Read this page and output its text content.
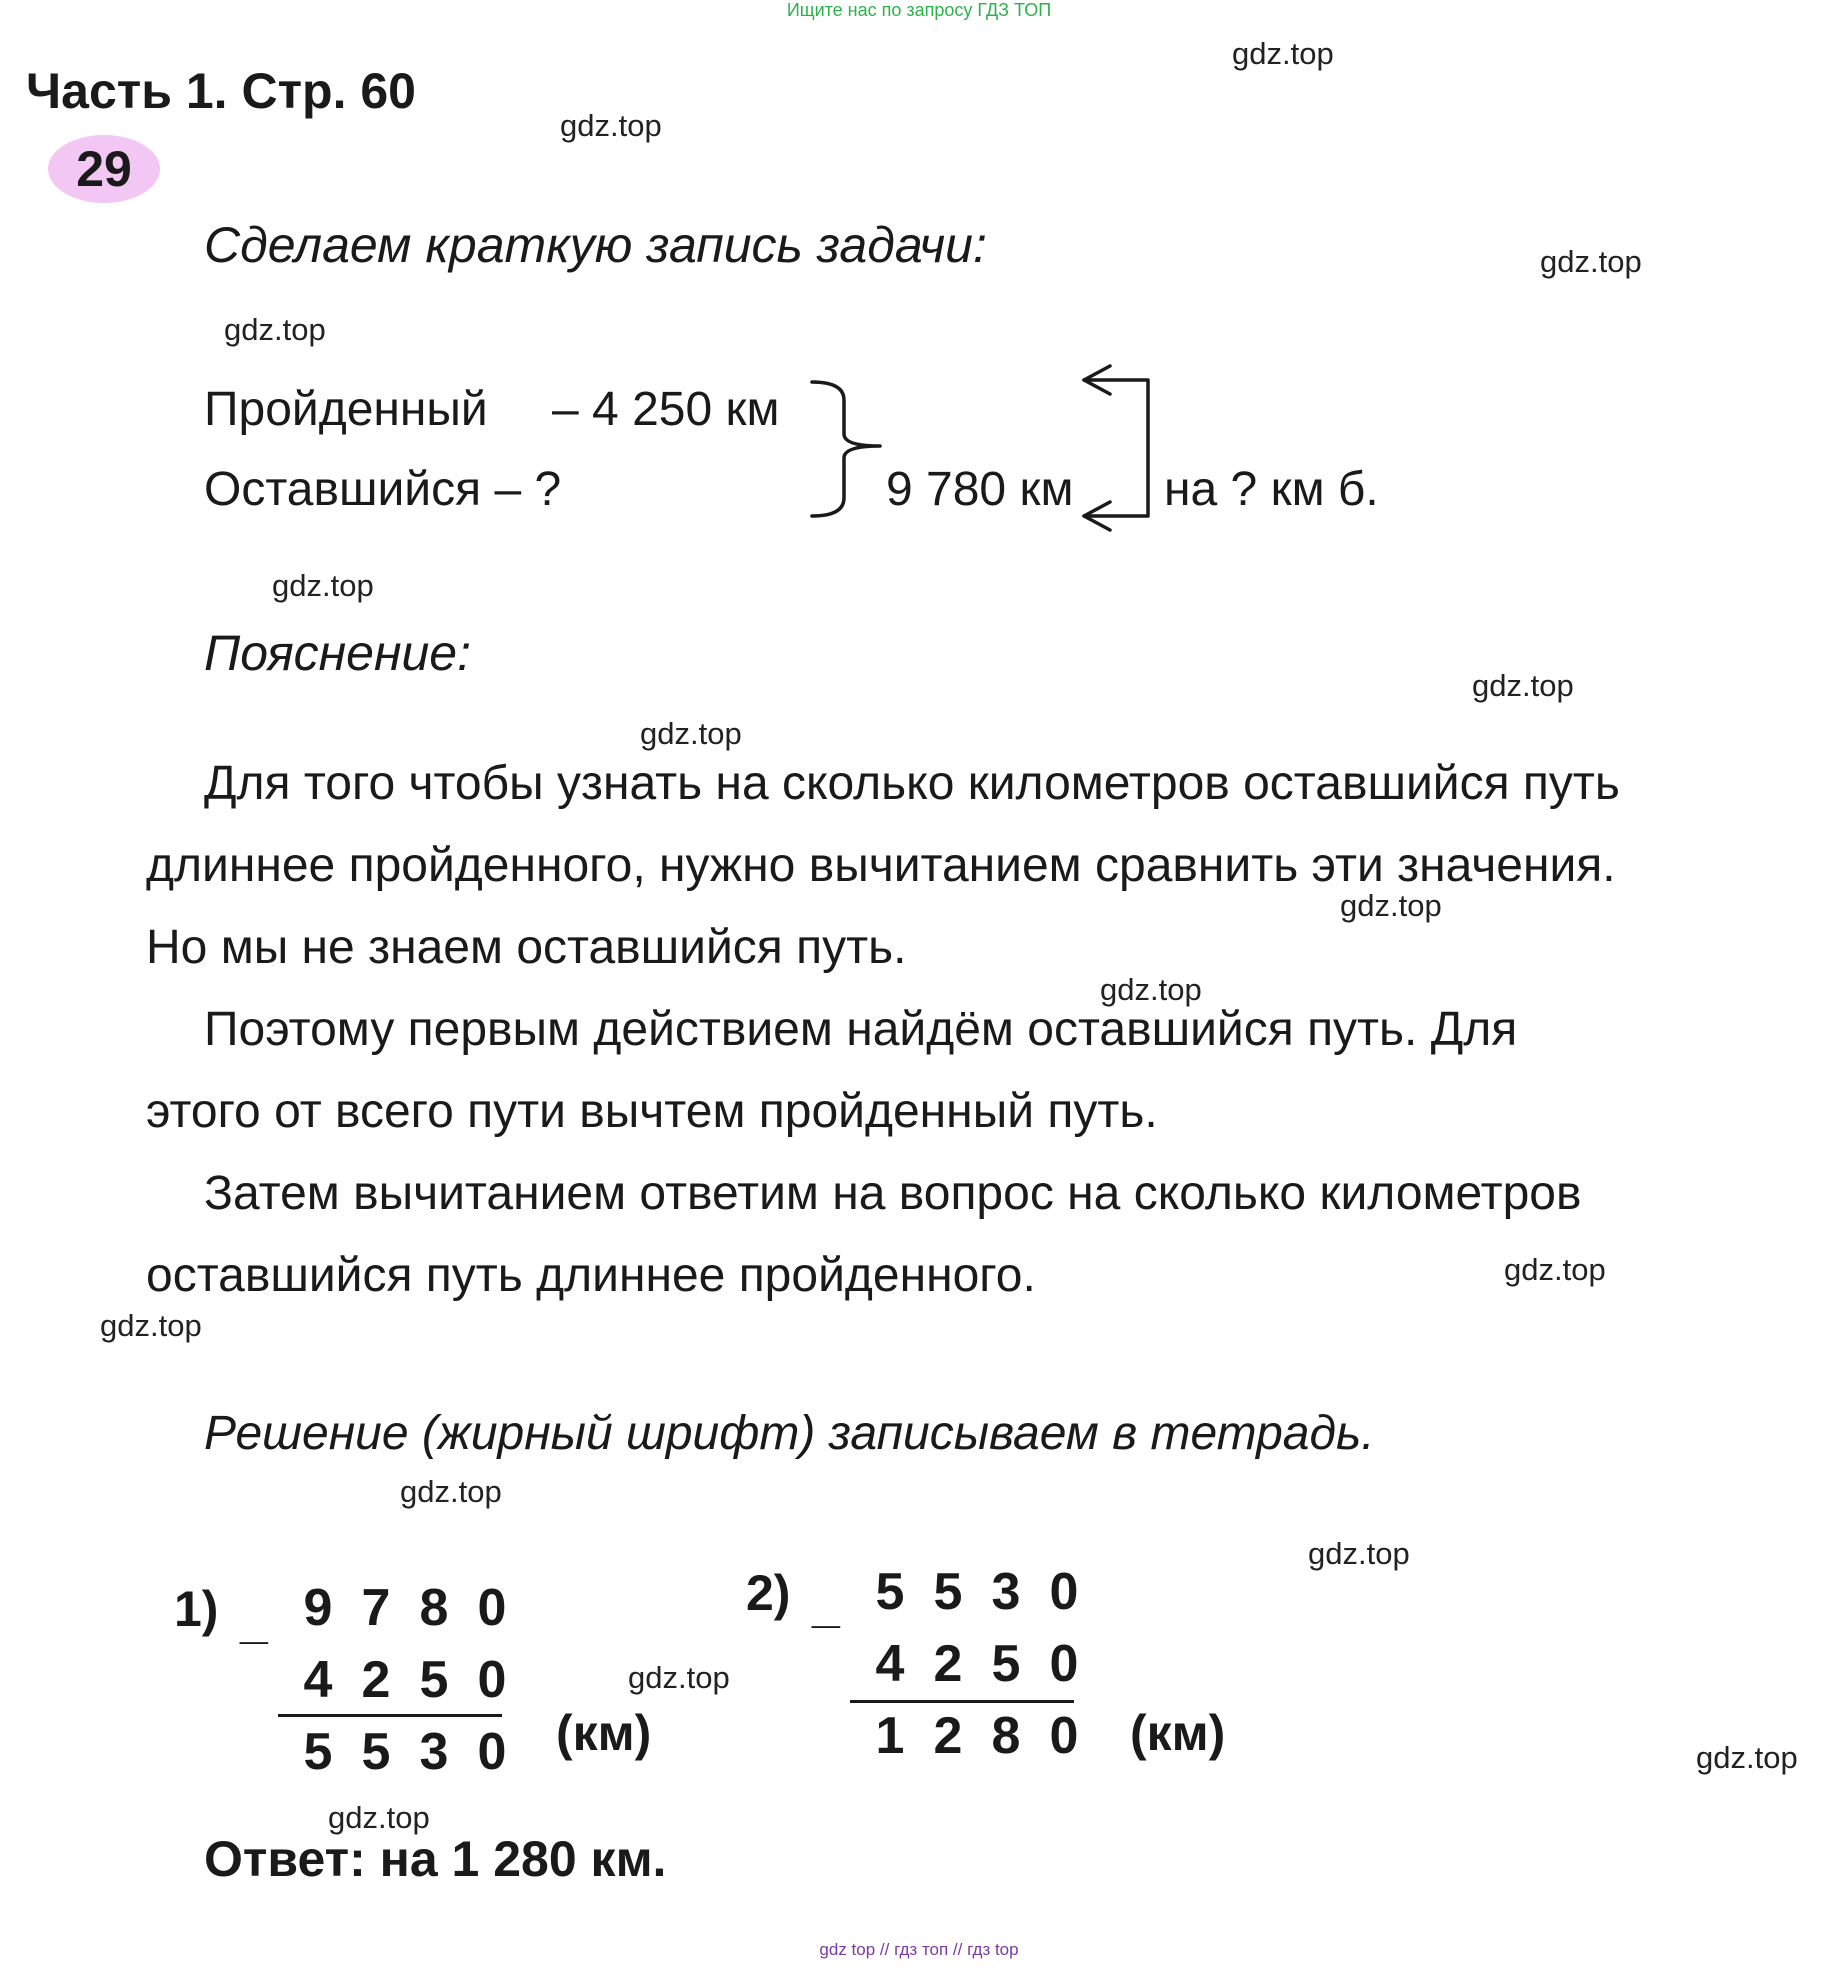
Ищите нас по запросу ГДЗ ТОП
gdz.top
gdz.top
gdz.top
gdz.top
gdz.top
gdz.top
gdz.top
gdz.top
gdz.top
gdz.top
gdz.top
gdz.top
gdz.top
gdz.top
gdz.top
gdz.top
Часть 1. Стр. 60
29
Сделаем краткую запись задачи:
Пройденный – 4 250 км
Оставшийся – ?	9 780 км на ? км б.
Пояснение:
Для того чтобы узнать на сколько километров оставшийся путь
длиннее пройденного, нужно вычитанием сравнить эти значения.
Но мы не знаем оставшийся путь.
Поэтому первым действием найдём оставшийся путь. Для
этого от всего пути вычтем пройденный путь.
Затем вычитанием ответим на вопрос на сколько километров
оставшийся путь длиннее пройденного.
Решение (жирный шрифт) записываем в тетрадь.
1) _ 9 7 8 0
4 2 5 0
5 5 3 0 (км)
2) _ 5 5 3 0
4 2 5 0
1 2 8 0 (км)
Ответ: на 1 280 км.
gdz top // гдз топ // гдз top
